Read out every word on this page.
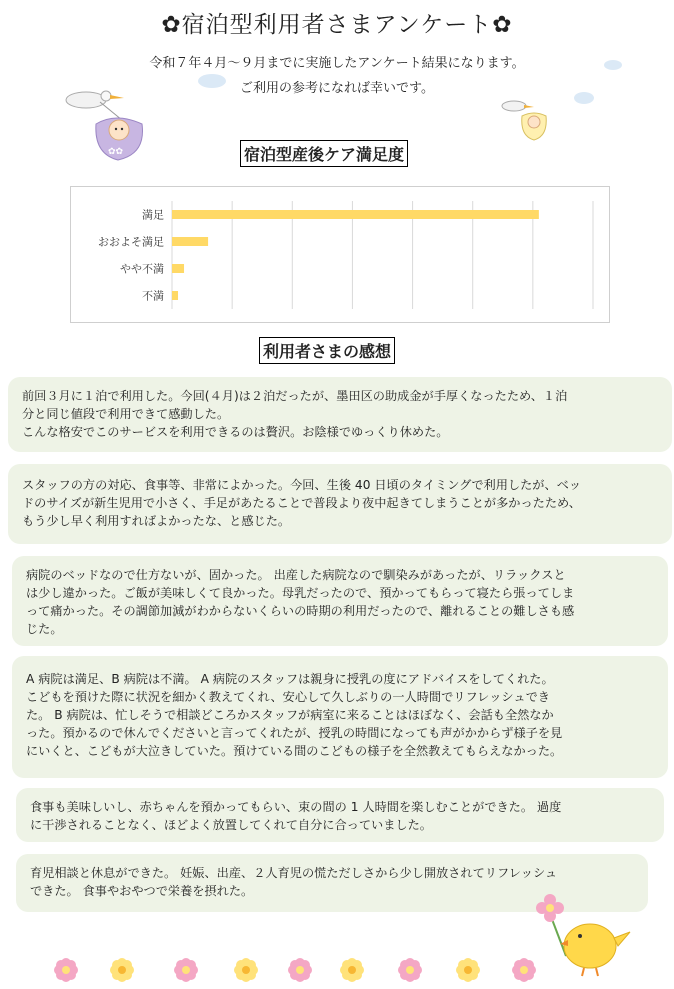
✿宿泊型利用者さまアンケート✿
令和７年４月～９月までに実施したアンケート結果になります。
ご利用の参考になれば幸いです。
✿✿	宿泊型産後ケア満足度
満足
おおよそ満足
やや不満
不満
利用者さまの感想
前回３月に１泊で利用した。今回(４月)は２泊だったが、墨田区の助成金が手厚くなったため、１泊
分と同じ値段で利用できて感動した。
こんな格安でこのサービスを利用できるのは贅沢。お陰様でゆっくり休めた。
スタッフの方の対応、食事等、非常によかった。今回、生後 40 日頃のタイミングで利用したが、ベッ
ドのサイズが新生児用で小さく、手足があたることで普段より夜中起きてしまうことが多かったため、
もう少し早く利用すればよかったな、と感じた。
病院のベッドなので仕方ないが、固かった。 出産した病院なので馴染みがあったが、リラックスと
は少し違かった。ご飯が美味しくて良かった。母乳だったので、預かってもらって寝たら張ってしま
って痛かった。その調節加減がわからないくらいの時期の利用だったので、離れることの難しさも感
じた。
A 病院は満足、B 病院は不満。 A 病院のスタッフは親身に授乳の度にアドバイスをしてくれた。
こどもを預けた際に状況を細かく教えてくれ、安心して久しぶりの一人時間でリフレッシュでき
た。 B 病院は、忙しそうで相談どころかスタッフが病室に来ることはほぼなく、会話も全然なか
った。預かるので休んでくださいと言ってくれたが、授乳の時間になっても声がかからず様子を見
にいくと、こどもが大泣きしていた。預けている間のこどもの様子を全然教えてもらえなかった。
食事も美味しいし、赤ちゃんを預かってもらい、束の間の 1 人時間を楽しむことができた。 過度
に干渉されることなく、ほどよく放置してくれて自分に合っていました。
育児相談と休息ができた。 妊娠、出産、２人育児の慌ただしさから少し開放されてリフレッシュ
できた。 食事やおやつで栄養を摂れた。
